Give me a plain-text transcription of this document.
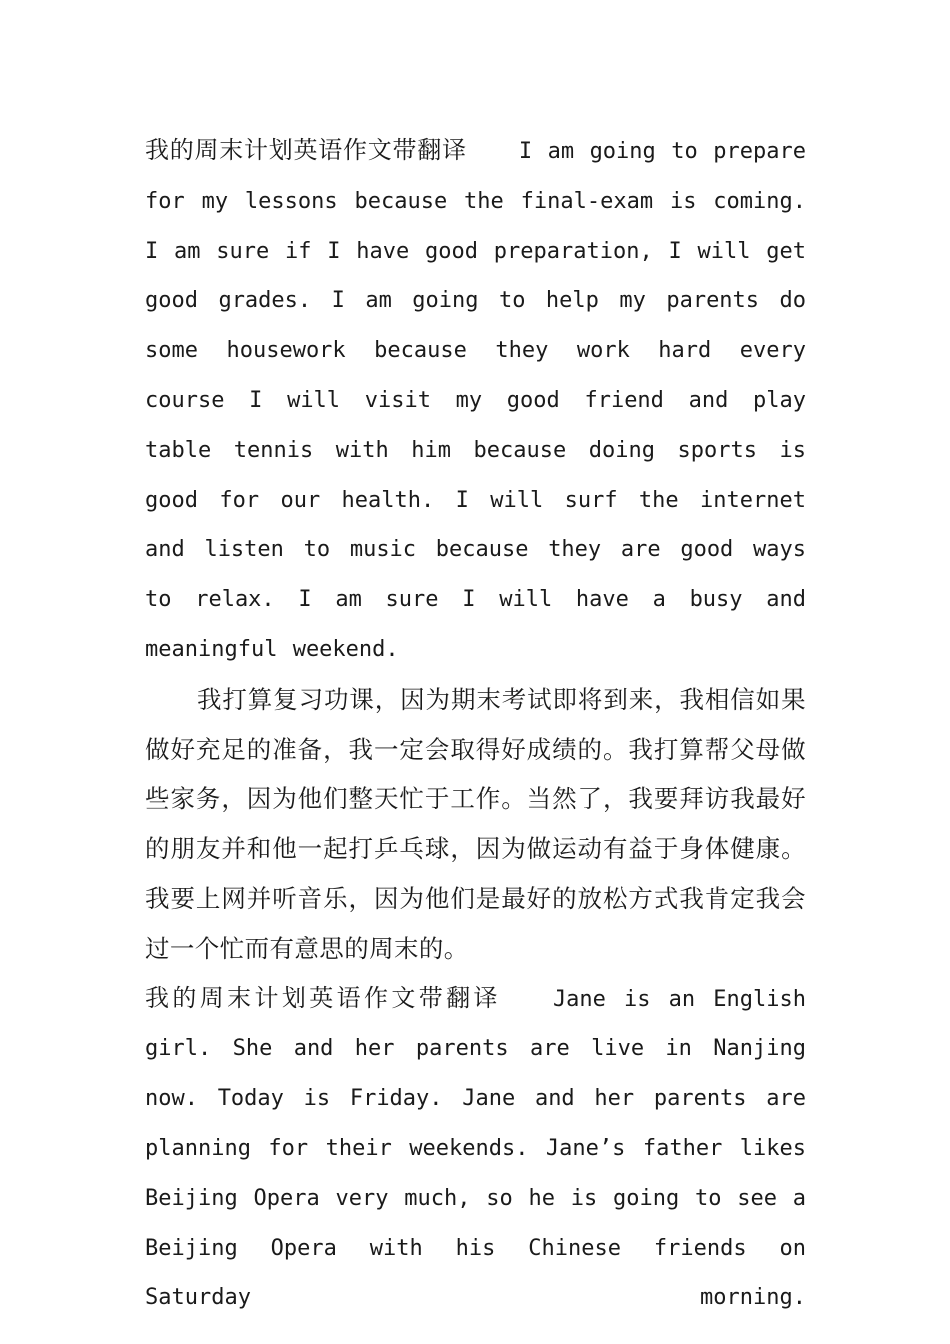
我的周末计划英语作文带翻译 I am going to prepare for my lessons because the final-exam is coming. I am sure if I have good preparation, I will get good grades. I am going to help my parents do some housework because they work hard every course I will visit my good friend and play table tennis with him because doing sports is good for our health. I will surf the internet and listen to music because they are good ways to relax. I am sure I will have a busy and meaningful weekend.

我打算复习功课，因为期末考试即将到来，我相信如果做好充足的准备，我一定会取得好成绩的。我打算帮父母做些家务，因为他们整天忙于工作。当然了，我要拜访我最好的朋友并和他一起打乒乓球，因为做运动有益于身体健康。我要上网并听音乐，因为他们是最好的放松方式我肯定我会过一个忙而有意思的周末的。

我的周末计划英语作文带翻译 Jane is an English girl. She and her parents are live in Nanjing now. Today is Friday. Jane and her parents are planning for their weekends. Jane’s father likes Beijing Opera very much, so he is going to see a Beijing Opera with his Chinese friends on Saturday morning.
